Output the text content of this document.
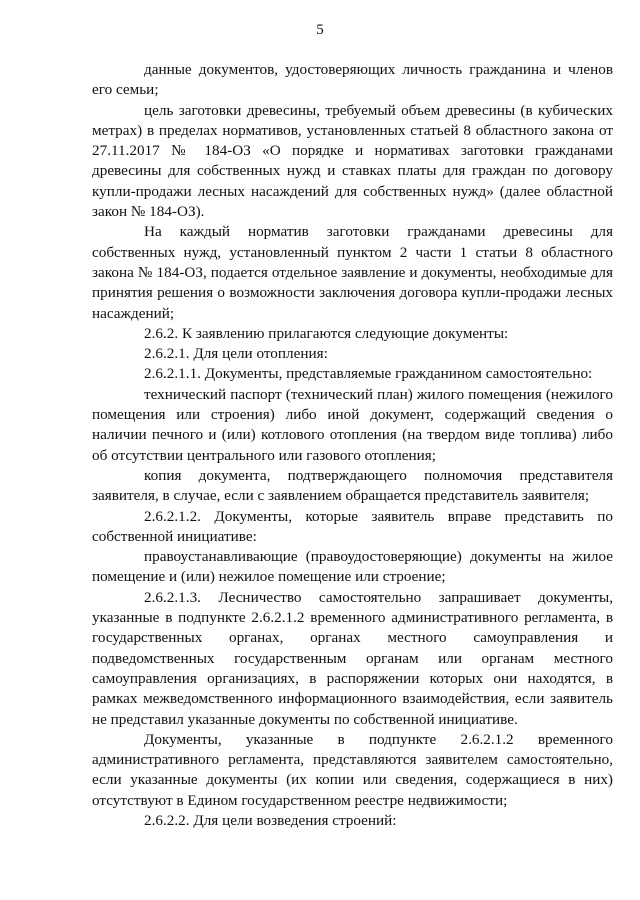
5

данные документов, удостоверяющих личность гражданина и членов его семьи;

цель заготовки древесины, требуемый объем древесины (в кубических метрах) в пределах нормативов, установленных статьей 8 областного закона от 27.11.2017 № 184-ОЗ «О порядке и нормативах заготовки гражданами древесины для собственных нужд и ставках платы для граждан по договору купли-продажи лесных насаждений для собственных нужд» (далее областной закон № 184-ОЗ).

На каждый норматив заготовки гражданами древесины для собственных нужд, установленный пунктом 2 части 1 статьи 8 областного закона № 184-ОЗ, подается отдельное заявление и документы, необходимые для принятия решения о возможности заключения договора купли-продажи лесных насаждений;

2.6.2. К заявлению прилагаются следующие документы:

2.6.2.1. Для цели отопления:

2.6.2.1.1. Документы, представляемые гражданином самостоятельно:

технический паспорт (технический план) жилого помещения (нежилого помещения или строения) либо иной документ, содержащий сведения о наличии печного и (или) котлового отопления (на твердом виде топлива) либо об отсутствии центрального или газового отопления;

копия документа, подтверждающего полномочия представителя заявителя, в случае, если с заявлением обращается представитель заявителя;

2.6.2.1.2. Документы, которые заявитель вправе представить по собственной инициативе:

правоустанавливающие (правоудостоверяющие) документы на жилое помещение и (или) нежилое помещение или строение;

2.6.2.1.3. Лесничество самостоятельно запрашивает документы, указанные в подпункте 2.6.2.1.2 временного административного регламента, в государственных органах, органах местного самоуправления и подведомственных государственным органам или органам местного самоуправления организациях, в распоряжении которых они находятся, в рамках межведомственного информационного взаимодействия, если заявитель не представил указанные документы по собственной инициативе.

Документы, указанные в подпункте 2.6.2.1.2 временного административного регламента, представляются заявителем самостоятельно, если указанные документы (их копии или сведения, содержащиеся в них) отсутствуют в Едином государственном реестре недвижимости;

2.6.2.2. Для цели возведения строений:
